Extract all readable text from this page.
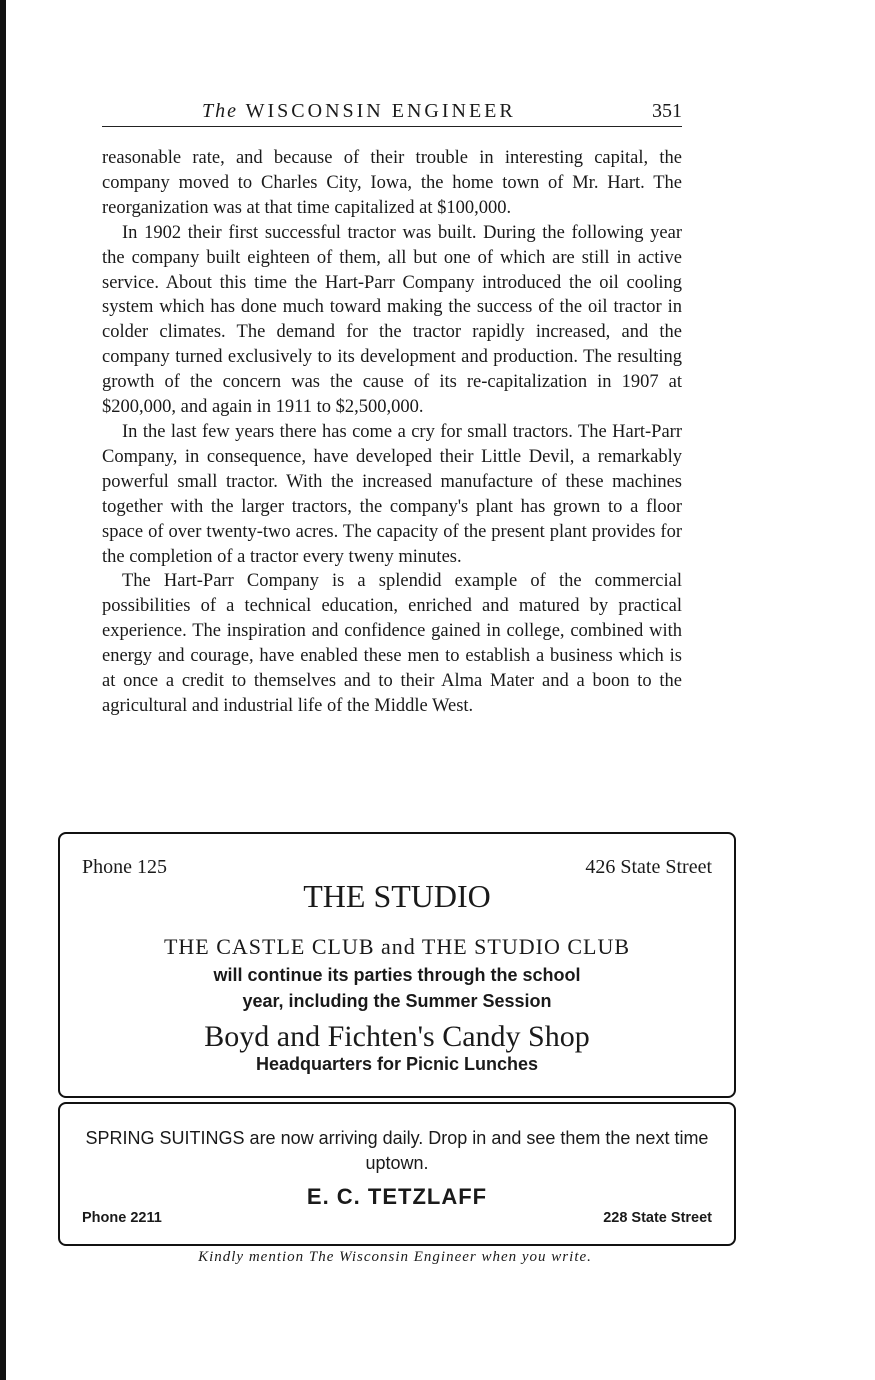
The WISCONSIN ENGINEER	351

reasonable rate, and because of their trouble in interesting capital, the company moved to Charles City, Iowa, the home town of Mr. Hart. The reorganization was at that time capitalized at $100,000.

In 1902 their first successful tractor was built. During the following year the company built eighteen of them, all but one of which are still in active service. About this time the Hart-Parr Company introduced the oil cooling system which has done much toward making the success of the oil tractor in colder climates. The demand for the tractor rapidly increased, and the company turned exclusively to its development and production. The resulting growth of the concern was the cause of its re-capitalization in 1907 at $200,000, and again in 1911 to $2,500,000.

In the last few years there has come a cry for small tractors. The Hart-Parr Company, in consequence, have developed their Little Devil, a remarkably powerful small tractor. With the increased manufacture of these machines together with the larger tractors, the company's plant has grown to a floor space of over twenty-two acres. The capacity of the present plant provides for the completion of a tractor every tweny minutes.

The Hart-Parr Company is a splendid example of the commercial possibilities of a technical education, enriched and matured by practical experience. The inspiration and confidence gained in college, combined with energy and courage, have enabled these men to establish a business which is at once a credit to themselves and to their Alma Mater and a boon to the agricultural and industrial life of the Middle West.

Phone 125	426 State Street
THE STUDIO
THE CASTLE CLUB and THE STUDIO CLUB
will continue its parties through the school
year, including the Summer Session
Boyd and Fichten's Candy Shop
Headquarters for Picnic Lunches
SPRING SUITINGS are now arriving daily. Drop in and see them the next time uptown.
E. C. TETZLAFF
Phone 2211	228 State Street
Kindly mention The Wisconsin Engineer when you write.
